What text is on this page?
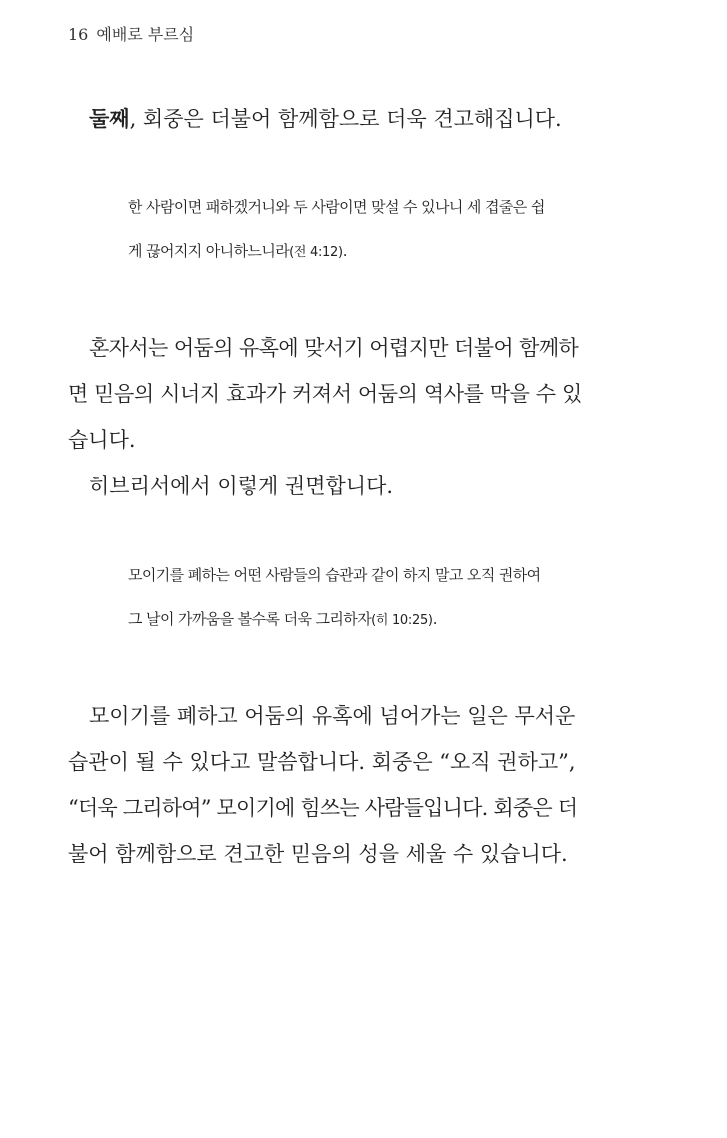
16 예배로 부르심

둘째, 회중은 더불어 함께함으로 더욱 견고해집니다.

한 사람이면 패하겠거니와 두 사람이면 맞설 수 있나니 세 겹줄은 쉽
게 끊어지지 아니하느니라(전 4:12).
혼자서는 어둠의 유혹에 맞서기 어렵지만 더불어 함께하
면 믿음의 시너지 효과가 커져서 어둠의 역사를 막을 수 있
습니다.
히브리서에서 이렇게 권면합니다.
모이기를 폐하는 어떤 사람들의 습관과 같이 하지 말고 오직 권하여
그 날이 가까움을 볼수록 더욱 그리하자(히 10:25).
모이기를 폐하고 어둠의 유혹에 넘어가는 일은 무서운
습관이 될 수 있다고 말씀합니다. 회중은 “오직 권하고”,
“더욱 그리하여” 모이기에 힘쓰는 사람들입니다. 회중은 더
불어 함께함으로 견고한 믿음의 성을 세울 수 있습니다.
